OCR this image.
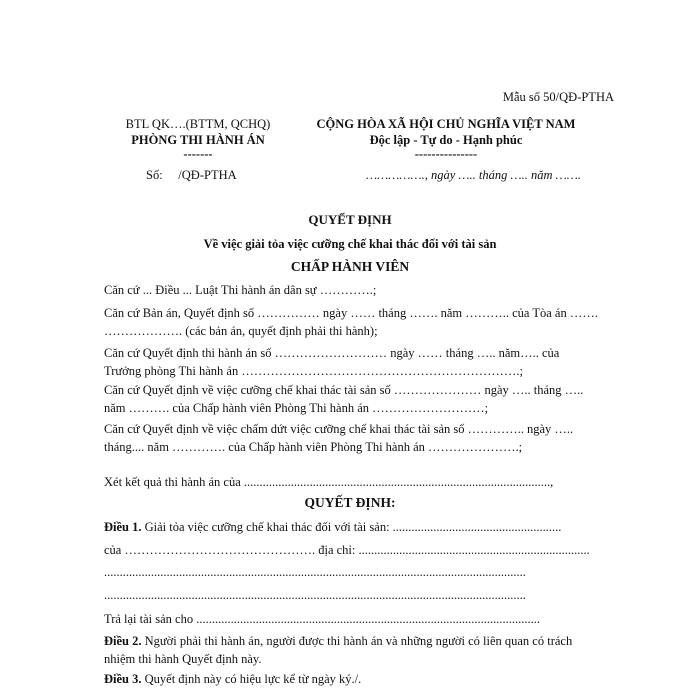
Mẫu số 50/QĐ-PTHA
BTL QK….(BTTM, QCHQ)
PHÒNG THI HÀNH ÁN
-------
CỘNG HÒA XÃ HỘI CHỦ NGHĨA VIỆT NAM
Độc lập - Tự do - Hạnh phúc
---------------
Số:     /QĐ-PTHA	……………., ngày ….. tháng ….. năm …….
QUYẾT ĐỊNH
Về việc giải tỏa việc cưỡng chế khai thác đối với tài sản
CHẤP HÀNH VIÊN
Căn cứ ... Điều ... Luật Thi hành án dân sự ………….;
Căn cứ Bản án, Quyết định số …………… ngày …… tháng ……. năm ……….. của Tòa án ……. ………………. (các bản án, quyết định phải thi hành);
Căn cứ Quyết định thi hành án số ……………………… ngày …… tháng ….. năm….. của Trưởng phòng Thi hành án ………………………………………………………….;
Căn cứ Quyết định về việc cưỡng chế khai thác tài sản số ………………… ngày ….. tháng ….. năm ………. của Chấp hành viên Phòng Thi hành án ………………………;
Căn cứ Quyết định về việc chấm dứt việc cưỡng chế khai thác tài sản số ………….. ngày ….. tháng.... năm …………. của Chấp hành viên Phòng Thi hành án ………………….;
Xét kết quả thi hành án của ..................................................................................................,
QUYẾT ĐỊNH:
Điều 1. Giải tỏa việc cưỡng chế khai thác đối với tài sản: ......................................................
của ………………………………………. địa chỉ: ..........................................................................
.......................................................................................................................................
.......................................................................................................................................
Trả lại tài sản cho ..............................................................................................................
Điều 2. Người phải thi hành án, người được thi hành án và những người có liên quan có trách nhiệm thi hành Quyết định này.
Điều 3. Quyết định này có hiệu lực kể từ ngày ký./.
